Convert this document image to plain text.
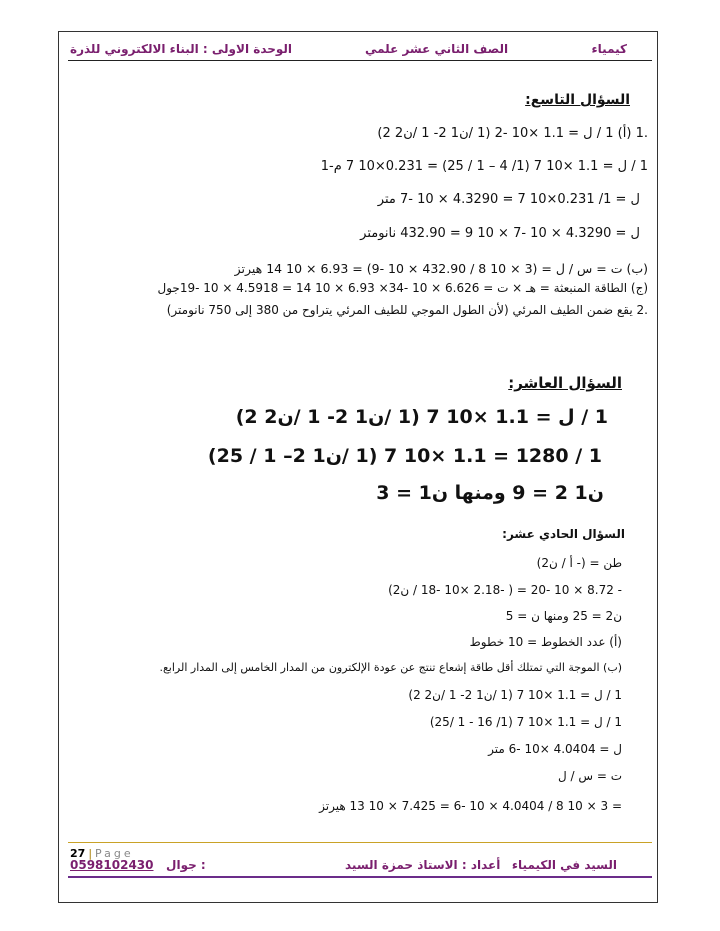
كيمياء
الصف الثاني عشر علمي
الوحدة الاولى : البناء الالكتروني للذرة
السؤال التاسع:
.1 (أ) 1 / ل = 1.1 ×10 -2 (1 /ن1 2- 1 /ن2 2)
1 / ل = 1.1 ×10 7 (1/ 4 – 1 / 25) = 0.231×10 7 م-1
ل = 1/ 0.231×10 7 = 4.3290 × 10 -7 متر
ل = 4.3290 × 10 -7 × 10 9 = 432.90 نانومتر
(ب) ت = س / ل = (3 × 10 8 / 432.90 × 10 -9) = 6.93 × 10 14 هيرتز
(ج) الطاقة المنبعثة = هـ × ت = 6.626 × 10 -34× 6.93 × 10 14 = 4.5918 × 10 -19جول
.2 يقع ضمن الطيف المرئي (لأن الطول الموجي للطيف المرئي يتراوح من 380 إلى 750 نانومتر)
السؤال العاشر:
1 / ل = 1.1 ×10 7 (1 /ن1 2- 1 /ن2 2)
1 / 1280 = 1.1 ×10 7 (1 /ن1 2– 1 / 25)
ن1 2 = 9 ومنها ن1 = 3
السؤال الحادي عشر:
طن = (- أ / ن2)
- 8.72 × 10 -20 = ( -2.18 ×10 -18 / ن2)
ن2 = 25 ومنها ن = 5
(أ) عدد الخطوط = 10 خطوط
(ب) الموجة التي تمتلك أقل طاقة إشعاع تنتج عن عودة الإلكترون من المدار الخامس إلى المدار الرابع.
1 / ل = 1.1 ×10 7 (1 /ن1 2- 1 /ن2 2)
1 / ل = 1.1 ×10 7 (1/ 16 - 1 /25)
ل = 4.0404 ×10 -6 متر
ت = س / ل
= 3 × 10 8 / 4.0404 × 10 -6 = 7.425 × 10 13 هيرتز
27 | Page
0598102430 جوال :	أعداد : الاستاذ حمزة السيد السيد في الكيمياء
